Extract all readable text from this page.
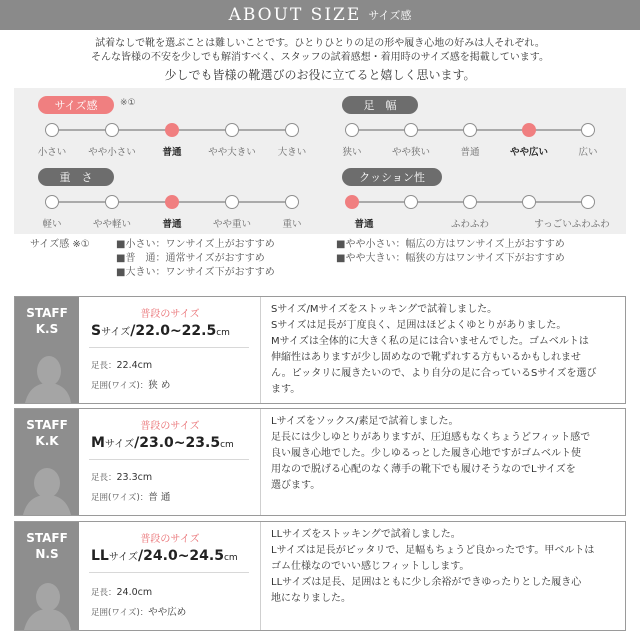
ABOUT SIZE サイズ感

試着なしで靴を選ぶことは難しいことです。ひとりひとりの足の形や履き心地の好みは人それぞれ。

そんな皆様の不安を少しでも解消すべく、スタッフの試着感想・着用時のサイズ感を掲載しています。

少しでも皆様の靴選びのお役に立てると嬉しく思います。

サイズ感	※①
小さい やや小さい	普通	やや大きい 大きい
足　幅
狭い	やや狭い	普通	やや広い	広い
重　さ
軽い	やや軽い	普通	やや重い	重い
クッション性
普通	ふわふわ	すっごいふわふわ
サイズ感 ※①	■小さい：ワンサイズ上がおすすめ
■普　通：通常サイズがおすすめ
■大きい：ワンサイズ下がおすすめ
■やや小さい：幅広の方はワンサイズ上がおすすめ
■やや大きい：幅狭の方はワンサイズ下がおすすめ
STAFF
K.S
普段のサイズ
Sサイズ/22.0~22.5cm
足長：22.4cm
足囲(ワイズ)：狭 め

Sサイズ/Mサイズをストッキングで試着しました。

Sサイズは足長が丁度良く、足囲はほどよくゆとりがありました。

Mサイズは全体的に大きく私の足には合いませんでした。ゴムベルトは

伸縮性はありますが少し固めなので靴ずれする方もいるかもしれませ

ん。ピッタリに履きたいので、より自分の足に合っているSサイズを選び

ます。

STAFF
K.K
普段のサイズ
Mサイズ/23.0~23.5cm
足長：23.3cm
足囲(ワイズ)：普 通

Lサイズをソックス/素足で試着しました。

足長には少しゆとりがありますが、圧迫感もなくちょうどフィット感で

良い履き心地でした。少しゆるっとした履き心地ですがゴムベルト使

用なので脱げる心配のなく薄手の靴下でも履けそうなのでLサイズを

選びます。

STAFF
N.S
普段のサイズ
LLサイズ/24.0~24.5cm
足長：24.0cm
足囲(ワイズ)：やや広め

LLサイズをストッキングで試着しました。

Lサイズは足長がピッタリで、足幅もちょうど良かったです。甲ベルトは

ゴム仕様なのでいい感じフィットしします。

LLサイズは足長、足囲はともに少し余裕ができゆったりとした履き心

地になりました。
